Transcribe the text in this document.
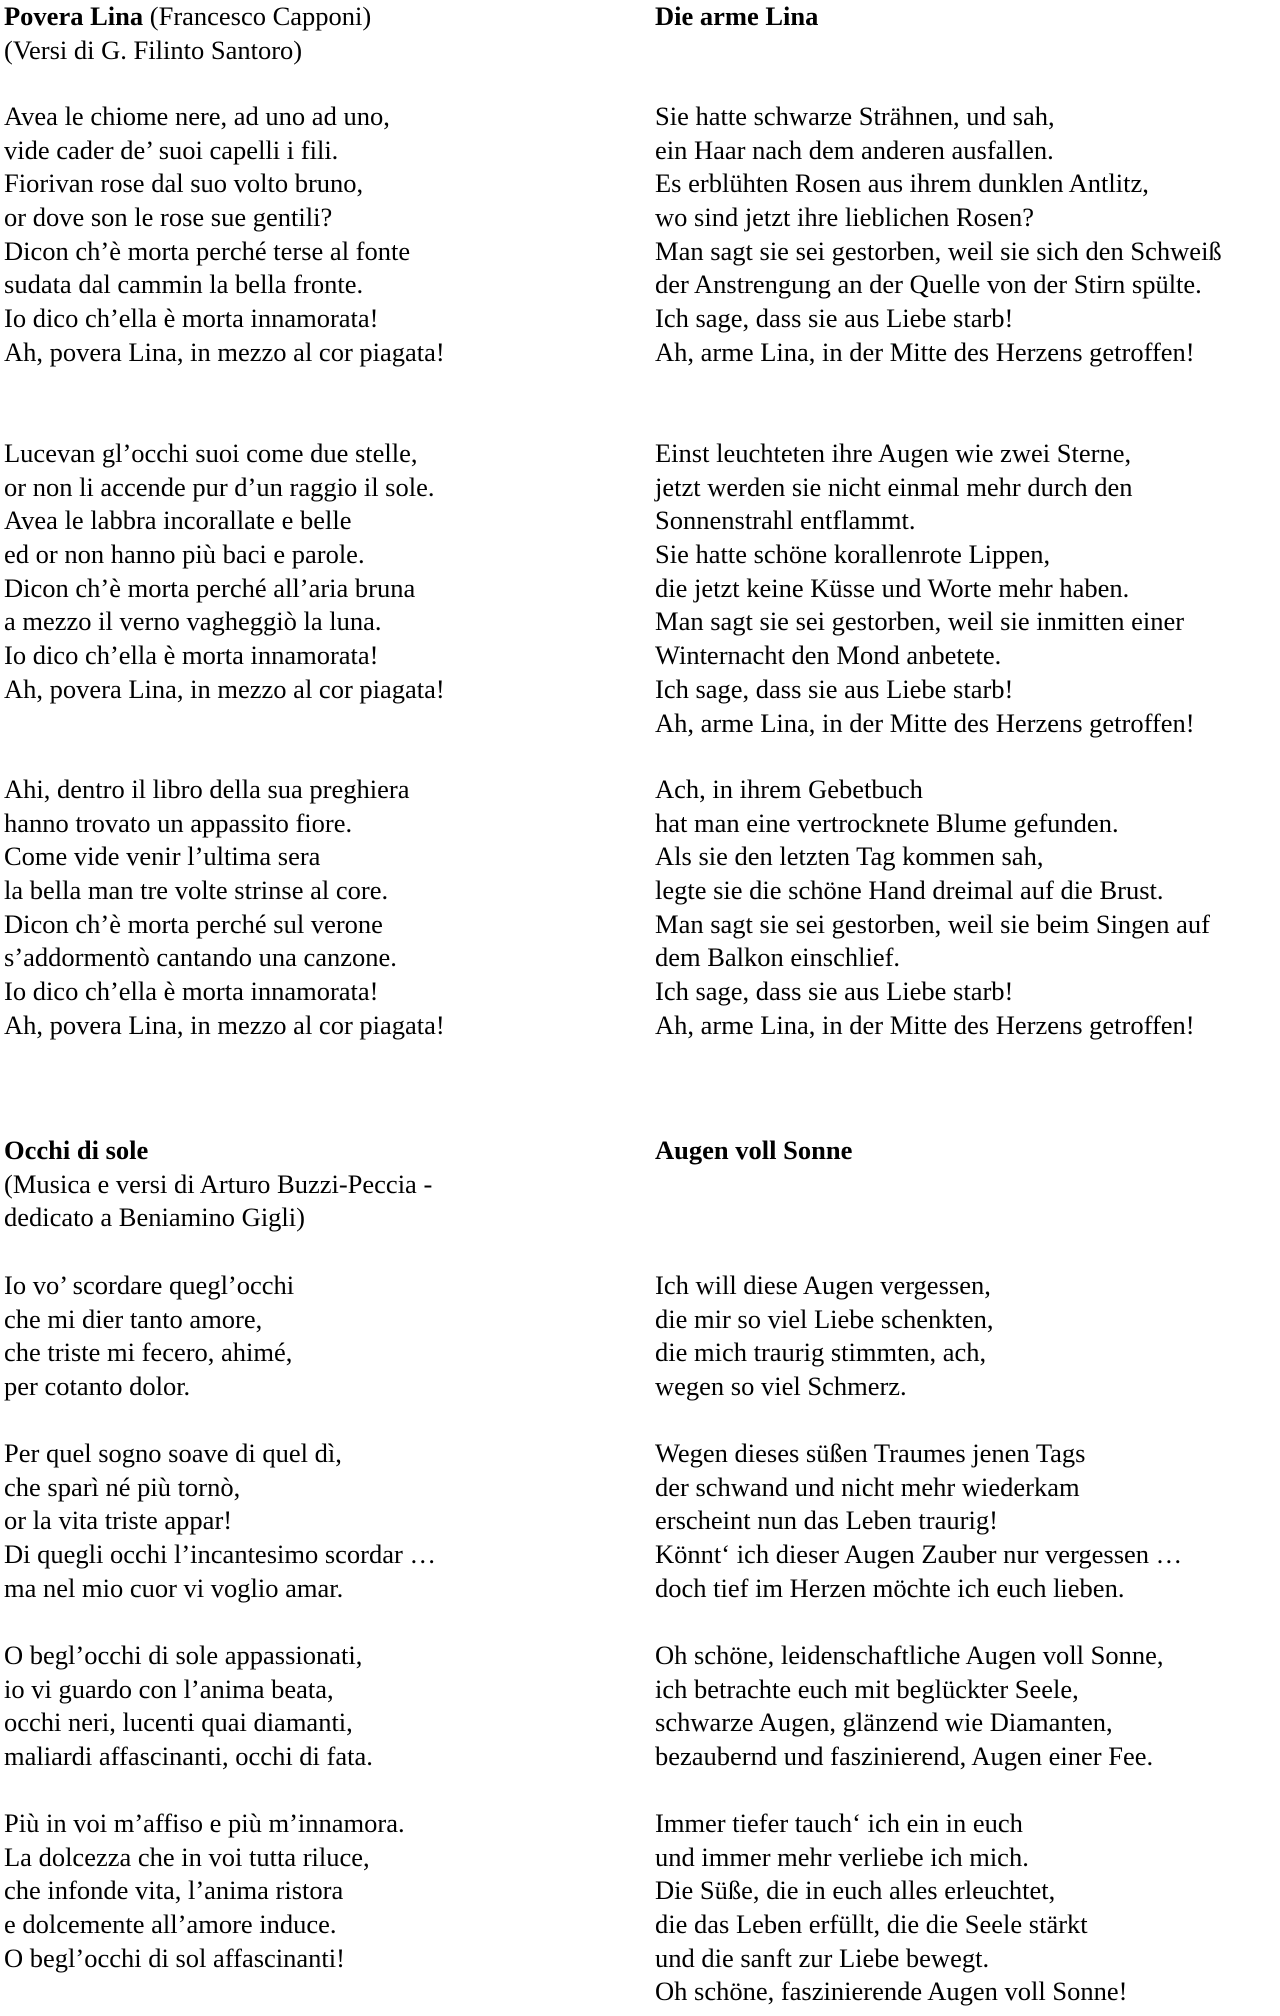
Povera Lina (Francesco Capponi)
(Versi di G. Filinto Santoro)
Avea le chiome nere, ad uno ad uno,
vide cader de’ suoi capelli i fili.
Fiorivan rose dal suo volto bruno,
or dove son le rose sue gentili?
Dicon ch’è morta perché terse al fonte
sudata dal cammin la bella fronte.
Io dico ch’ella è morta innamorata!
Ah, povera Lina, in mezzo al cor piagata!
Lucevan gl’occhi suoi come due stelle,
or non li accende pur d’un raggio il sole.
Avea le labbra incorallate e belle
ed or non hanno più baci e parole.
Dicon ch’è morta perché all’aria bruna
a mezzo il verno vagheggiò la luna.
Io dico ch’ella è morta innamorata!
Ah, povera Lina, in mezzo al cor piagata!
Ahi, dentro il libro della sua preghiera
hanno trovato un appassito fiore.
Come vide venir l’ultima sera
la bella man tre volte strinse al core.
Dicon ch’è morta perché sul verone
s’addormentò cantando una canzone.
Io dico ch’ella è morta innamorata!
Ah, povera Lina, in mezzo al cor piagata!
Occhi di sole
(Musica e versi di Arturo Buzzi-Peccia -
dedicato a Beniamino Gigli)
Io vo’ scordare quegl’occhi
che mi dier tanto amore,
che triste mi fecero, ahimé,
per cotanto dolor.
Per quel sogno soave di quel dì,
che sparì né più tornò,
or la vita triste appar!
Di quegli occhi l’incantesimo scordar …
ma nel mio cuor vi voglio amar.
O begl’occhi di sole appassionati,
io vi guardo con l’anima beata,
occhi neri, lucenti quai diamanti,
maliardi affascinanti, occhi di fata.
Più in voi m’affiso e più m’innamora.
La dolcezza che in voi tutta riluce,
che infonde vita, l’anima ristora
e dolcemente all’amore induce.
O begl’occhi di sol affascinanti!
Die arme Lina
Sie hatte schwarze Strähnen, und sah,
ein Haar nach dem anderen ausfallen.
Es erblühten Rosen aus ihrem dunklen Antlitz,
wo sind jetzt ihre lieblichen Rosen?
Man sagt sie sei gestorben, weil sie sich den Schweiß
der Anstrengung an der Quelle von der Stirn spülte.
Ich sage, dass sie aus Liebe starb!
Ah, arme Lina, in der Mitte des Herzens getroffen!
Einst leuchteten ihre Augen wie zwei Sterne,
jetzt werden sie nicht einmal mehr durch den
Sonnenstrahl entflammt.
Sie hatte schöne korallenrote Lippen,
die jetzt keine Küsse und Worte mehr haben.
Man sagt sie sei gestorben, weil sie inmitten einer
Winternacht den Mond anbetete.
Ich sage, dass sie aus Liebe starb!
Ah, arme Lina, in der Mitte des Herzens getroffen!
Ach, in ihrem Gebetbuch
hat man eine vertrocknete Blume gefunden.
Als sie den letzten Tag kommen sah,
legte sie die schöne Hand dreimal auf die Brust.
Man sagt sie sei gestorben, weil sie beim Singen auf
dem Balkon einschlief.
Ich sage, dass sie aus Liebe starb!
Ah, arme Lina, in der Mitte des Herzens getroffen!
Augen voll Sonne
Ich will diese Augen vergessen,
die mir so viel Liebe schenkten,
die mich traurig stimmten, ach,
wegen so viel Schmerz.
Wegen dieses süßen Traumes jenen Tags
der schwand und nicht mehr wiederkam
erscheint nun das Leben traurig!
Könnt‘ ich dieser Augen Zauber nur vergessen …
doch tief im Herzen möchte ich euch lieben.
Oh schöne, leidenschaftliche Augen voll Sonne,
ich betrachte euch mit beglückter Seele,
schwarze Augen, glänzend wie Diamanten,
bezaubernd und faszinierend, Augen einer Fee.
Immer tiefer tauch‘ ich ein in euch
und immer mehr verliebe ich mich.
Die Süße, die in euch alles erleuchtet,
die das Leben erfüllt, die die Seele stärkt
und die sanft zur Liebe bewegt.
Oh schöne, faszinierende Augen voll Sonne!
